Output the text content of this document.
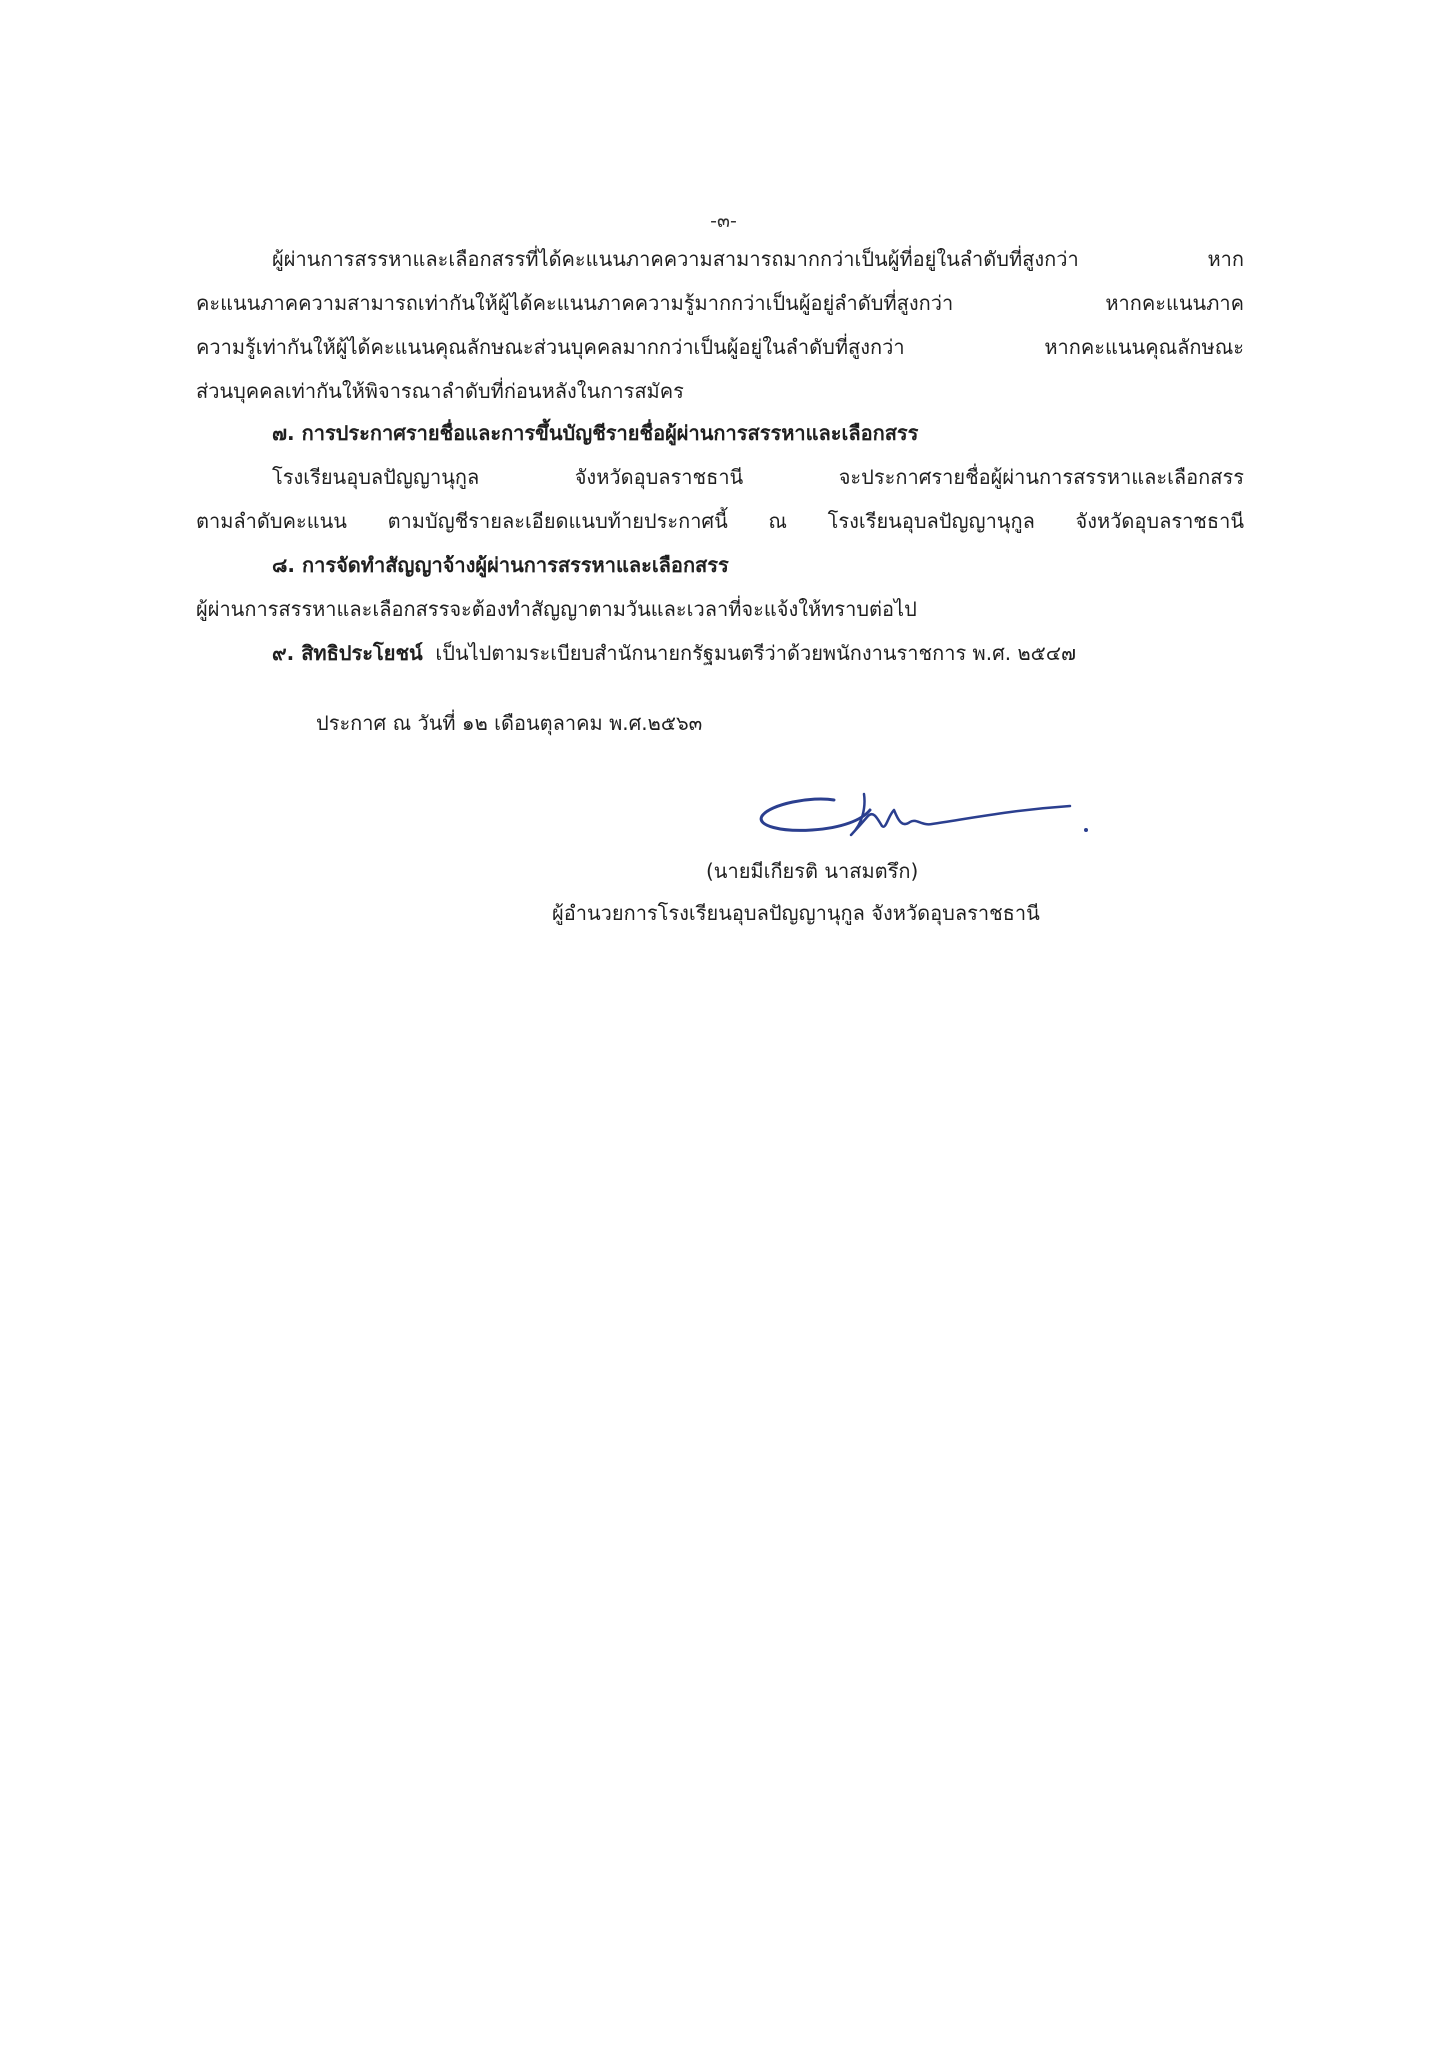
-๓-
ผู้ผ่านการสรรหาและเลือกสรรที่ได้คะแนนภาคความสามารถมากกว่าเป็นผู้ที่อยู่ในลำดับที่สูงกว่า หาก
คะแนนภาคความสามารถเท่ากันให้ผู้ได้คะแนนภาคความรู้มากกว่าเป็นผู้อยู่ลำดับที่สูงกว่า หากคะแนนภาค
ความรู้เท่ากันให้ผู้ได้คะแนนคุณลักษณะส่วนบุคคลมากกว่าเป็นผู้อยู่ในลำดับที่สูงกว่า หากคะแนนคุณลักษณะ
ส่วนบุคคลเท่ากันให้พิจารณาลำดับที่ก่อนหลังในการสมัคร
๗. การประกาศรายชื่อและการขึ้นบัญชีรายชื่อผู้ผ่านการสรรหาและเลือกสรร
โรงเรียนอุบลปัญญานุกูล จังหวัดอุบลราชธานี จะประกาศรายชื่อผู้ผ่านการสรรหาและเลือกสรร
ตามลำดับคะแนน ตามบัญชีรายละเอียดแนบท้ายประกาศนี้ ณ โรงเรียนอุบลปัญญานุกูล จังหวัดอุบลราชธานี
๘. การจัดทำสัญญาจ้างผู้ผ่านการสรรหาและเลือกสรร
ผู้ผ่านการสรรหาและเลือกสรรจะต้องทำสัญญาตามวันและเวลาที่จะแจ้งให้ทราบต่อไป
๙. สิทธิประโยชน์ เป็นไปตามระเบียบสำนักนายกรัฐมนตรีว่าด้วยพนักงานราชการ พ.ศ. ๒๕๔๗
ประกาศ ณ วันที่ ๑๒ เดือนตุลาคม พ.ศ.๒๕๖๓
(นายมีเกียรติ นาสมตรึก)
ผู้อำนวยการโรงเรียนอุบลปัญญานุกูล จังหวัดอุบลราชธานี
